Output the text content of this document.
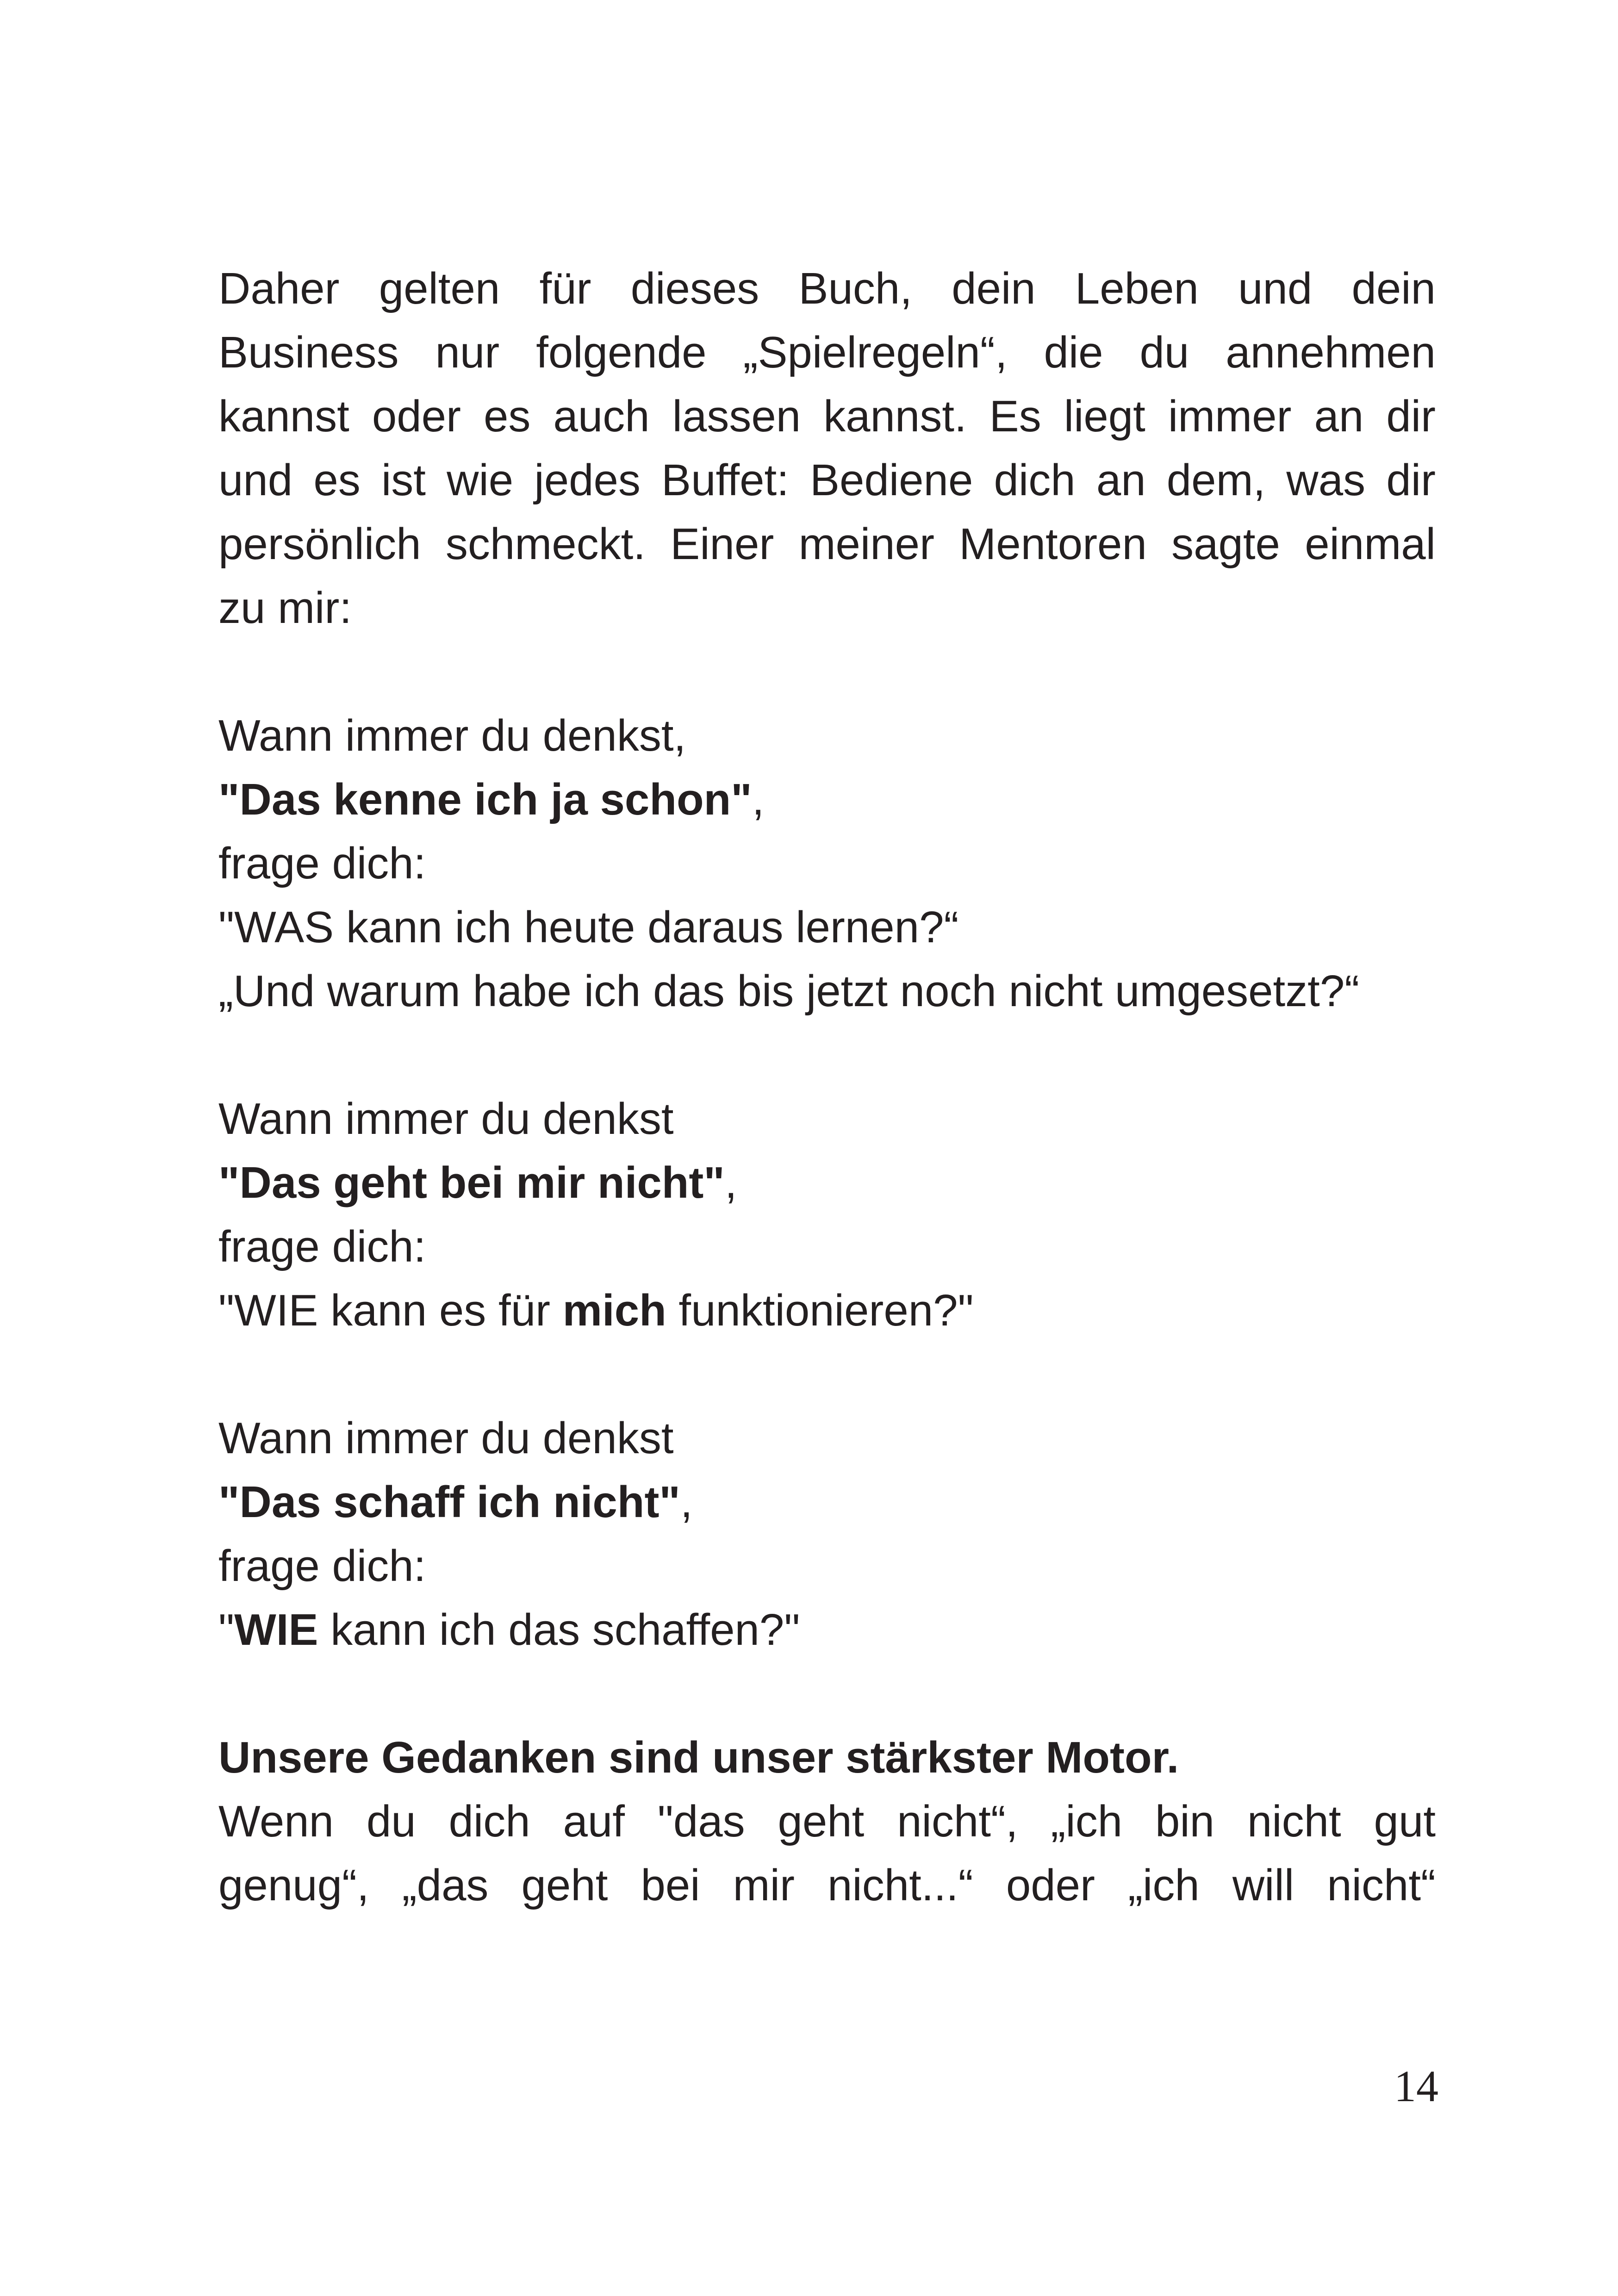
Daher gelten für dieses Buch, dein Leben und dein
Business nur folgende „Spielregeln“, die du annehmen
kannst oder es auch lassen kannst. Es liegt immer an dir
und es ist wie jedes Buffet: Bediene dich an dem, was dir
persönlich schmeckt. Einer meiner Mentoren sagte einmal
zu mir:
Wann immer du denkst,
"Das kenne ich ja schon",
frage dich:
"WAS kann ich heute daraus lernen?“
„Und warum habe ich das bis jetzt noch nicht umgesetzt?“
Wann immer du denkst
"Das geht bei mir nicht",
frage dich:
"WIE kann es für mich funktionieren?"
Wann immer du denkst
"Das schaff ich nicht",
frage dich:
"WIE kann ich das schaffen?"
Unsere Gedanken sind unser stärkster Motor.
Wenn du dich auf "das geht nicht“, „ich bin nicht gut
genug“, „das geht bei mir nicht...“ oder „ich will nicht“
14
